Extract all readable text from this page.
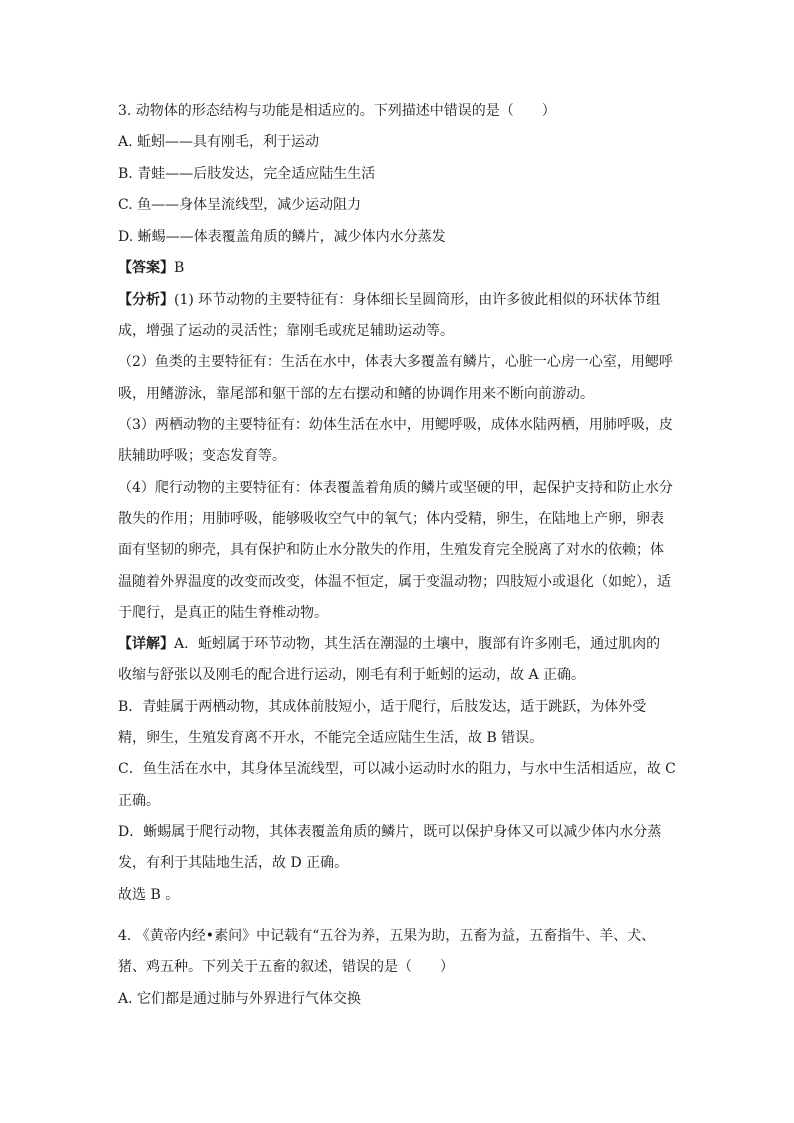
3. 动物体的形态结构与功能是相适应的。下列描述中错误的是（　　）
A. 蚯蚓——具有刚毛，利于运动
B. 青蛙——后肢发达，完全适应陆生生活
C. 鱼——身体呈流线型，减少运动阻力
D. 蜥蜴——体表覆盖角质的鳞片，减少体内水分蒸发
【答案】B
【分析】(1) 环节动物的主要特征有：身体细长呈圆筒形，由许多彼此相似的环状体节组
成，增强了运动的灵活性；靠刚毛或疣足辅助运动等。
（2）鱼类的主要特征有：生活在水中，体表大多覆盖有鳞片，心脏一心房一心室，用鳃呼
吸，用鳍游泳，靠尾部和躯干部的左右摆动和鳍的协调作用来不断向前游动。
（3）两栖动物的主要特征有：幼体生活在水中，用鳃呼吸，成体水陆两栖，用肺呼吸，皮
肤辅助呼吸；变态发育等。
（4）爬行动物的主要特征有：体表覆盖着角质的鳞片或坚硬的甲，起保护支持和防止水分
散失的作用；用肺呼吸，能够吸收空气中的氧气；体内受精，卵生，在陆地上产卵，卵表
面有坚韧的卵壳，具有保护和防止水分散失的作用，生殖发育完全脱离了对水的依赖；体
温随着外界温度的改变而改变，体温不恒定，属于变温动物；四肢短小或退化（如蛇），适
于爬行，是真正的陆生脊椎动物。
【详解】A．蚯蚓属于环节动物，其生活在潮湿的土壤中，腹部有许多刚毛，通过肌肉的
收缩与舒张以及刚毛的配合进行运动，刚毛有利于蚯蚓的运动，故 A 正确。
B．青蛙属于两栖动物，其成体前肢短小，适于爬行，后肢发达，适于跳跃，为体外受
精，卵生，生殖发育离不开水，不能完全适应陆生生活，故 B 错误。
C．鱼生活在水中，其身体呈流线型，可以减小运动时水的阻力，与水中生活相适应，故 C
正确。
D．蜥蜴属于爬行动物，其体表覆盖角质的鳞片，既可以保护身体又可以减少体内水分蒸
发，有利于其陆地生活，故 D 正确。
故选 B 。
4. 《黄帝内经•素问》中记载有“五谷为养，五果为助，五畜为益，五畜指牛、羊、犬、
猪、鸡五种。下列关于五畜的叙述，错误的是（　　）
A. 它们都是通过肺与外界进行气体交换
